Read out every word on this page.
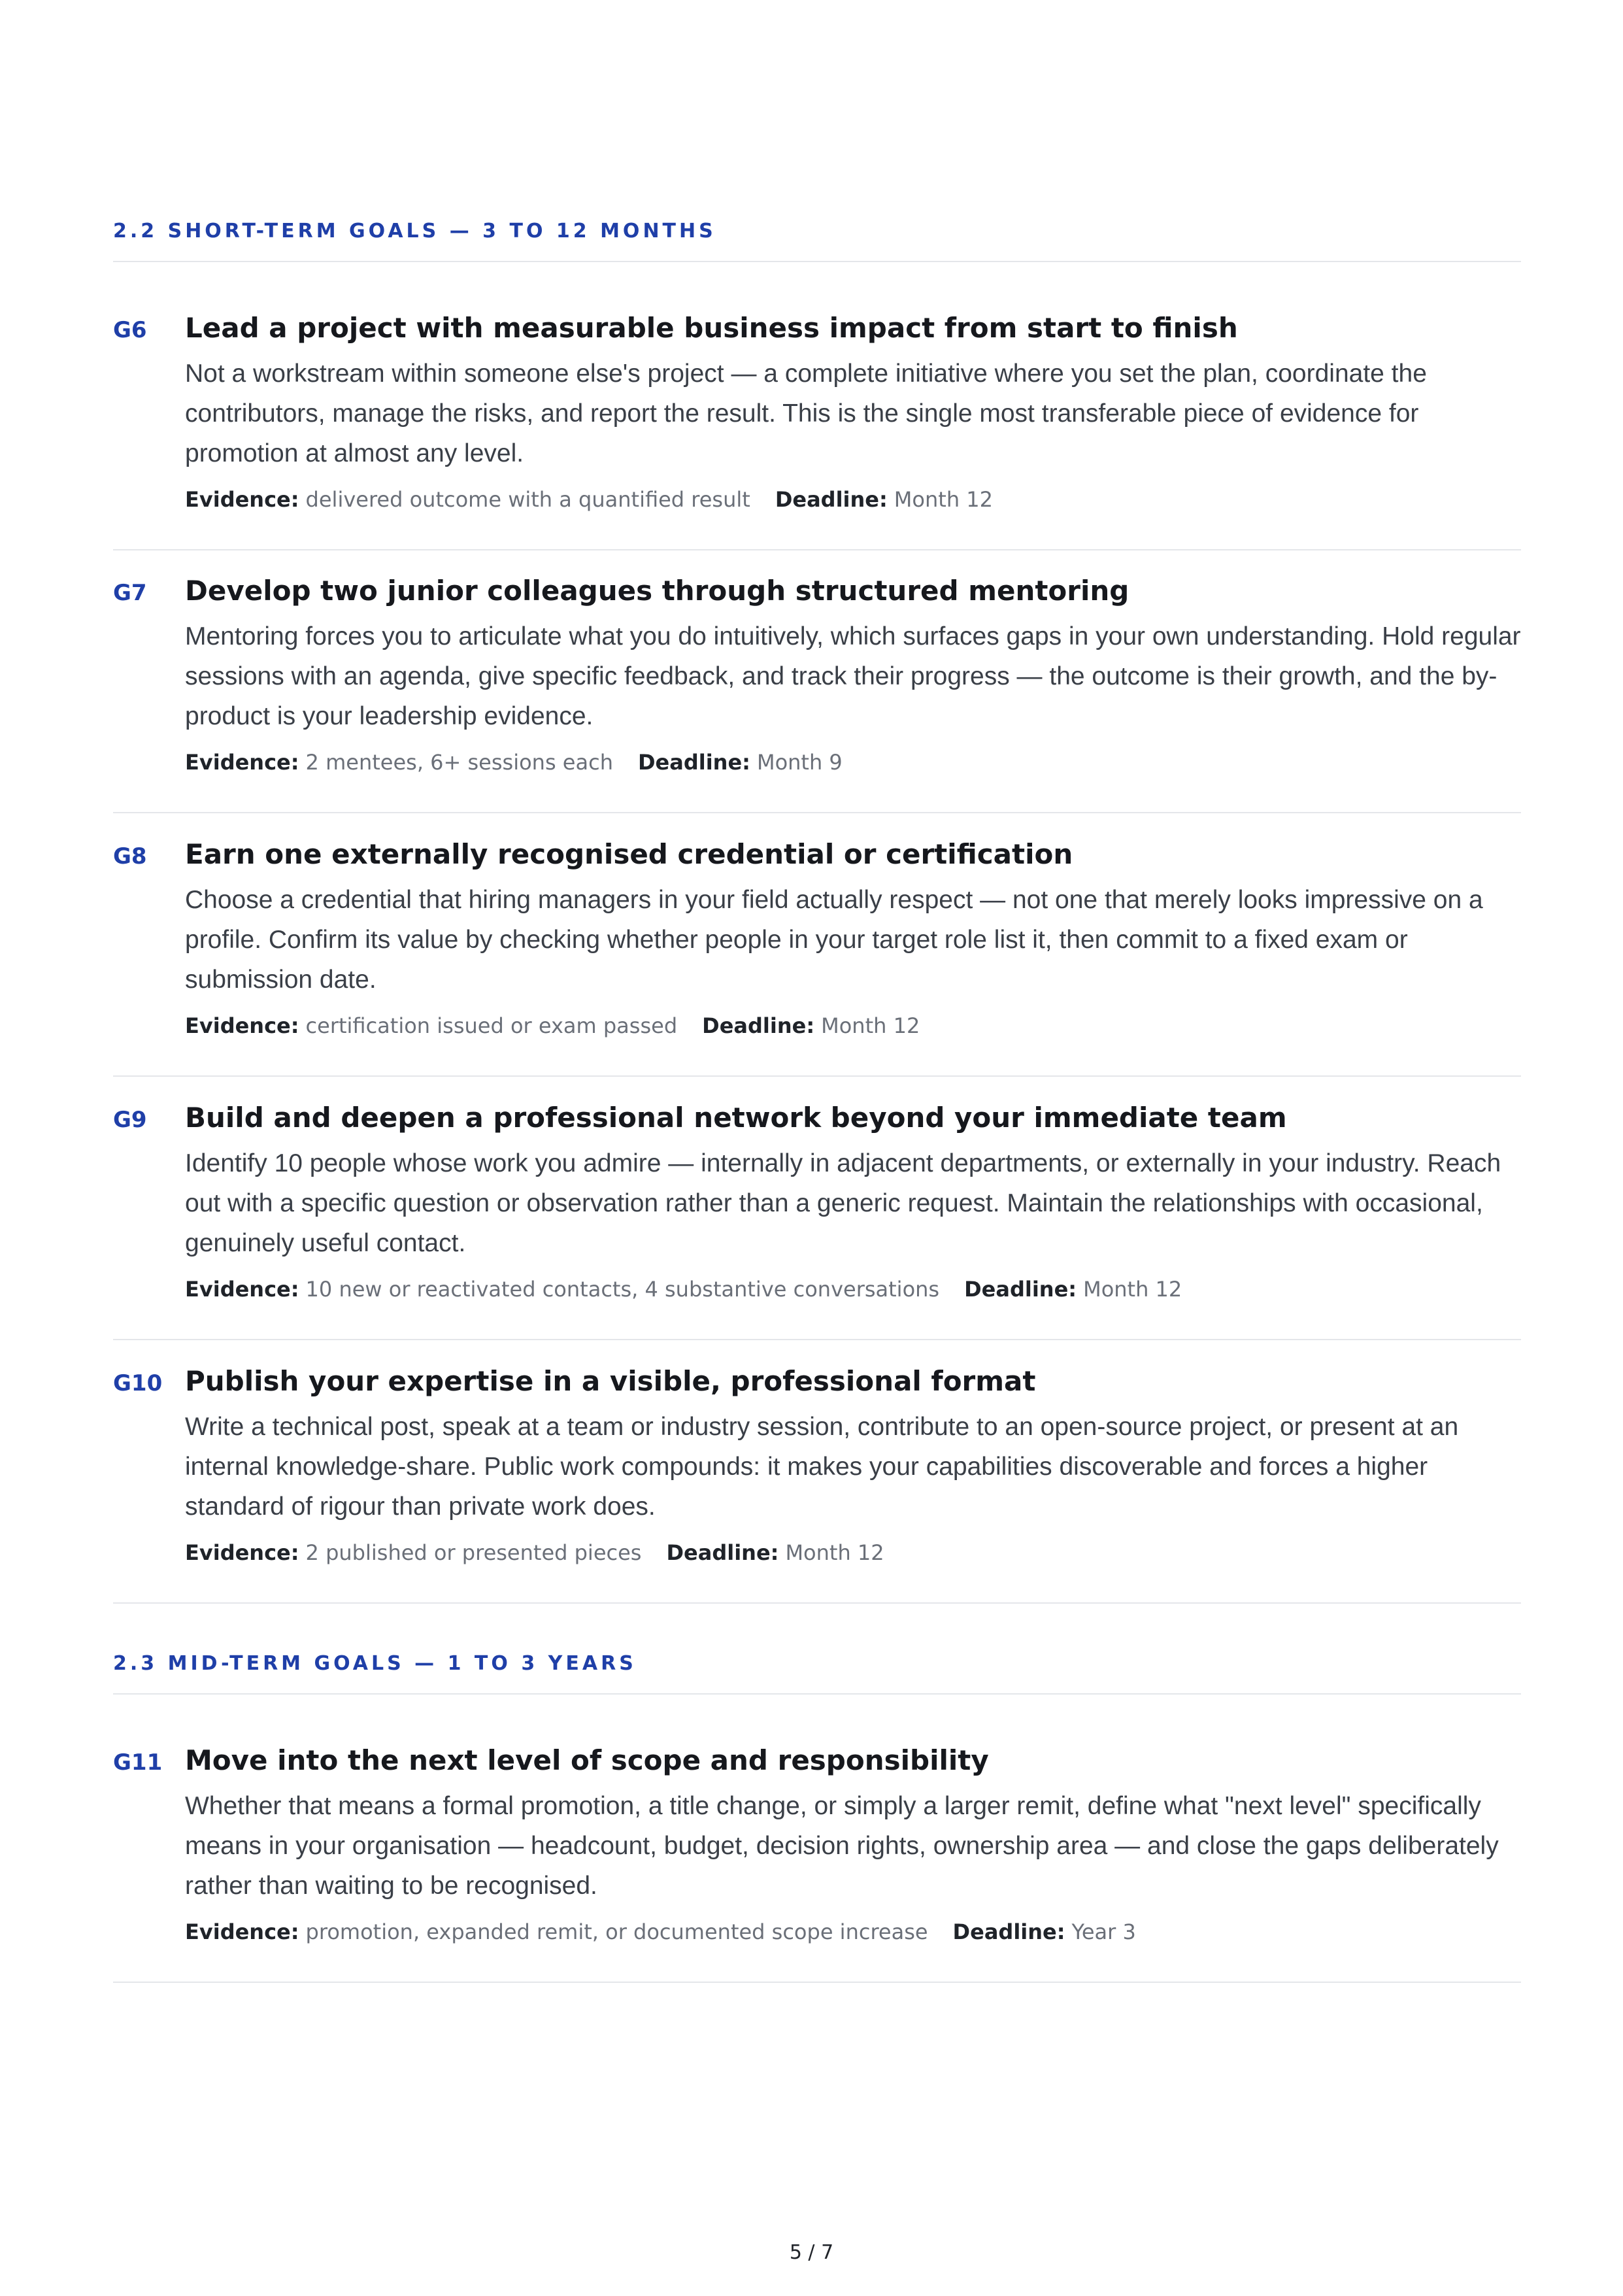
2.2 SHORT-TERM GOALS — 3 TO 12 MONTHS
G6 Lead a project with measurable business impact from start to finish

Not a workstream within someone else's project — a complete initiative where you set the plan, coordinate the contributors, manage the risks, and report the result. This is the single most transferable piece of evidence for promotion at almost any level.

Evidence: delivered outcome with a quantified result Deadline: Month 12
G7 Develop two junior colleagues through structured mentoring

Mentoring forces you to articulate what you do intuitively, which surfaces gaps in your own understanding. Hold regular sessions with an agenda, give specific feedback, and track their progress — the outcome is their growth, and the by-product is your leadership evidence.

Evidence: 2 mentees, 6+ sessions each Deadline: Month 9
G8 Earn one externally recognised credential or certification

Choose a credential that hiring managers in your field actually respect — not one that merely looks impressive on a profile. Confirm its value by checking whether people in your target role list it, then commit to a fixed exam or submission date.

Evidence: certification issued or exam passed Deadline: Month 12
G9 Build and deepen a professional network beyond your immediate team

Identify 10 people whose work you admire — internally in adjacent departments, or externally in your industry. Reach out with a specific question or observation rather than a generic request. Maintain the relationships with occasional, genuinely useful contact.

Evidence: 10 new or reactivated contacts, 4 substantive conversations Deadline: Month 12
G10 Publish your expertise in a visible, professional format

Write a technical post, speak at a team or industry session, contribute to an open-source project, or present at an internal knowledge-share. Public work compounds: it makes your capabilities discoverable and forces a higher standard of rigour than private work does.

Evidence: 2 published or presented pieces Deadline: Month 12
2.3 MID-TERM GOALS — 1 TO 3 YEARS
G11 Move into the next level of scope and responsibility

Whether that means a formal promotion, a title change, or simply a larger remit, define what "next level" specifically means in your organisation — headcount, budget, decision rights, ownership area — and close the gaps deliberately rather than waiting to be recognised.

Evidence: promotion, expanded remit, or documented scope increase Deadline: Year 3
5 / 7
